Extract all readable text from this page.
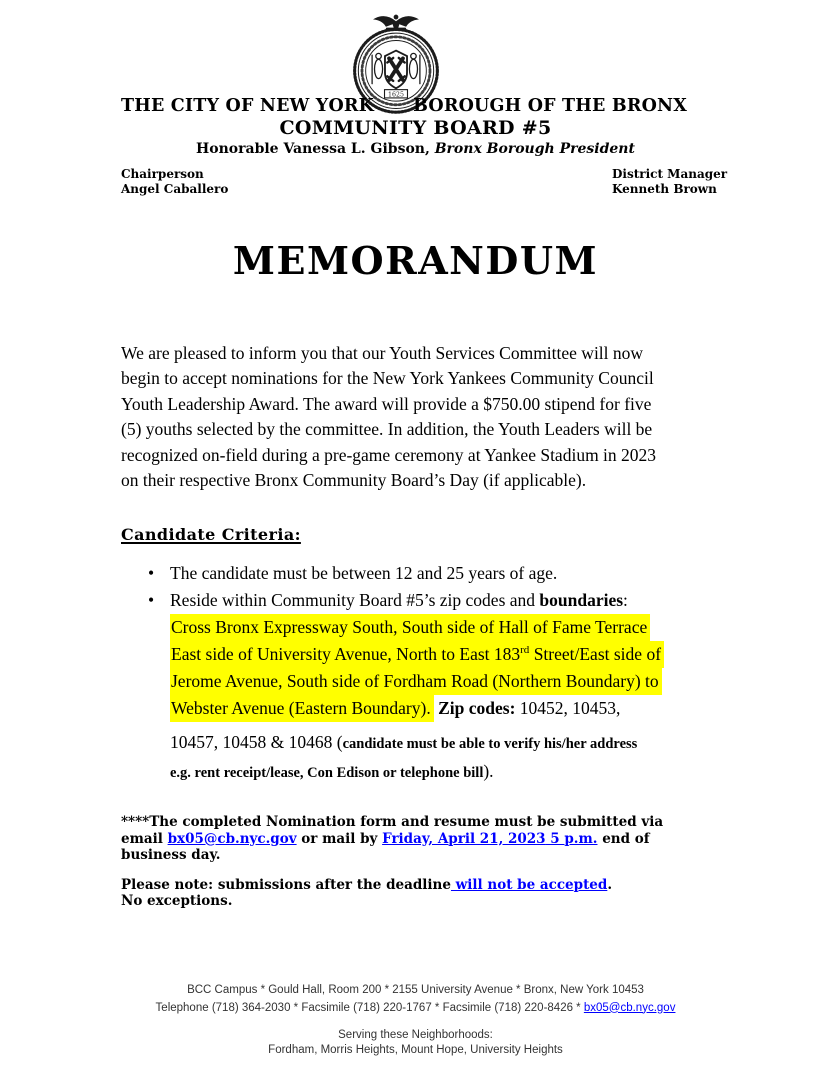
1625
THE CITY OF NEW YORK BOROUGH OF THE BRONX
COMMUNITY BOARD #5
Honorable Vanessa L. Gibson, Bronx Borough President
Chairperson
Angel Caballero
District Manager
Kenneth Brown
MEMORANDUM
We are pleased to inform you that our Youth Services Committee will now
begin to accept nominations for the New York Yankees Community Council
Youth Leadership Award. The award will provide a $750.00 stipend for five
(5) youths selected by the committee. In addition, the Youth Leaders will be
recognized on-field during a pre-game ceremony at Yankee Stadium in 2023
on their respective Bronx Community Board’s Day (if applicable).
Candidate Criteria:
• The candidate must be between 12 and 25 years of age.
• Reside within Community Board #5’s zip codes and boundaries:
Cross Bronx Expressway South, South side of Hall of Fame Terrace
East side of University Avenue, North to East 183rd Street/East side of
Jerome Avenue, South side of Fordham Road (Northern Boundary) to
Webster Avenue (Eastern Boundary). Zip codes: 10452, 10453,
10457, 10458 & 10468 (candidate must be able to verify his/her address
e.g. rent receipt/lease, Con Edison or telephone bill).
****The completed Nomination form and resume must be submitted via
email bx05@cb.nyc.gov or mail by Friday, April 21, 2023 5 p.m. end of
business day.
Please note: submissions after the deadline will not be accepted.
No exceptions.
BCC Campus * Gould Hall, Room 200 * 2155 University Avenue * Bronx, New York 10453
Telephone (718) 364-2030 * Facsimile (718) 220-1767 * Facsimile (718) 220-8426 * bx05@cb.nyc.gov
Serving these Neighborhoods:
Fordham, Morris Heights, Mount Hope, University Heights
